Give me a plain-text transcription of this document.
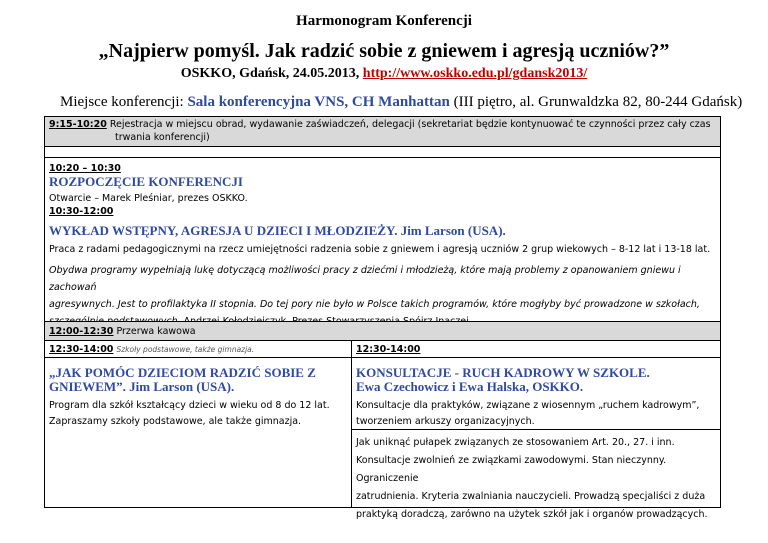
Harmonogram Konferencji
„Najpierw pomyśl. Jak radzić sobie z gniewem i agresją uczniów?”
OSKKO, Gdańsk, 24.05.2013, http://www.oskko.edu.pl/gdansk2013/
Miejsce konferencji: Sala konferencyjna VNS, CH Manhattan (III piętro, al. Grunwaldzka 82, 80-244 Gdańsk)
9:15-10:20 Rejestracja w miejscu obrad, wydawanie zaświadczeń, delegacji (sekretariat będzie kontynuować te czynności przez cały czas
trwania konferencji)
10:20 – 10:30
ROZPOCZĘCIE KONFERENCJI
Otwarcie – Marek Pleśniar, prezes OSKKO.
10:30-12:00
WYKŁAD WSTĘPNY, AGRESJA U DZIECI I MŁODZIEŻY. Jim Larson (USA).
Praca z radami pedagogicznymi na rzecz umiejętności radzenia sobie z gniewem i agresją uczniów 2 grup wiekowych – 8-12 lat i 13-18 lat.
Obydwa programy wypełniają lukę dotyczącą możliwości pracy z dziećmi i młodzieżą, które mają problemy z opanowaniem gniewu i zachowań
agresywnych. Jest to profilaktyka II stopnia. Do tej pory nie było w Polsce takich programów, które mogłyby być prowadzone w szkołach,
12:00-12:30 Przerwa kawowa
12:30-14:00 Szkoły podstawowe, także gimnazja.	12:30-14:00
„JAK POMÓC DZIECIOM RADZIĆ SOBIE Z
GNIEWEM”. Jim Larson (USA).
Program dla szkół kształcący dzieci w wieku od 8 do 12 lat.
Zapraszamy szkoły podstawowe, ale także gimnazja.
KONSULTACJE - RUCH KADROWY W SZKOLE.
Ewa Czechowicz i Ewa Halska, OSKKO.
Konsultacje dla praktyków, związane z wiosennym „ruchem kadrowym”,
tworzeniem arkuszy organizacyjnych.
Jak uniknąć pułapek związanych ze stosowaniem Art. 20., 27. i inn.
Konsultacje zwolnień ze związkami zawodowymi. Stan nieczynny. Ograniczenie
zatrudnienia. Kryteria zwalniania nauczycieli. Prowadzą specjaliści z duża
praktyką doradczą, zarówno na użytek szkół jak i organów prowadzących.
